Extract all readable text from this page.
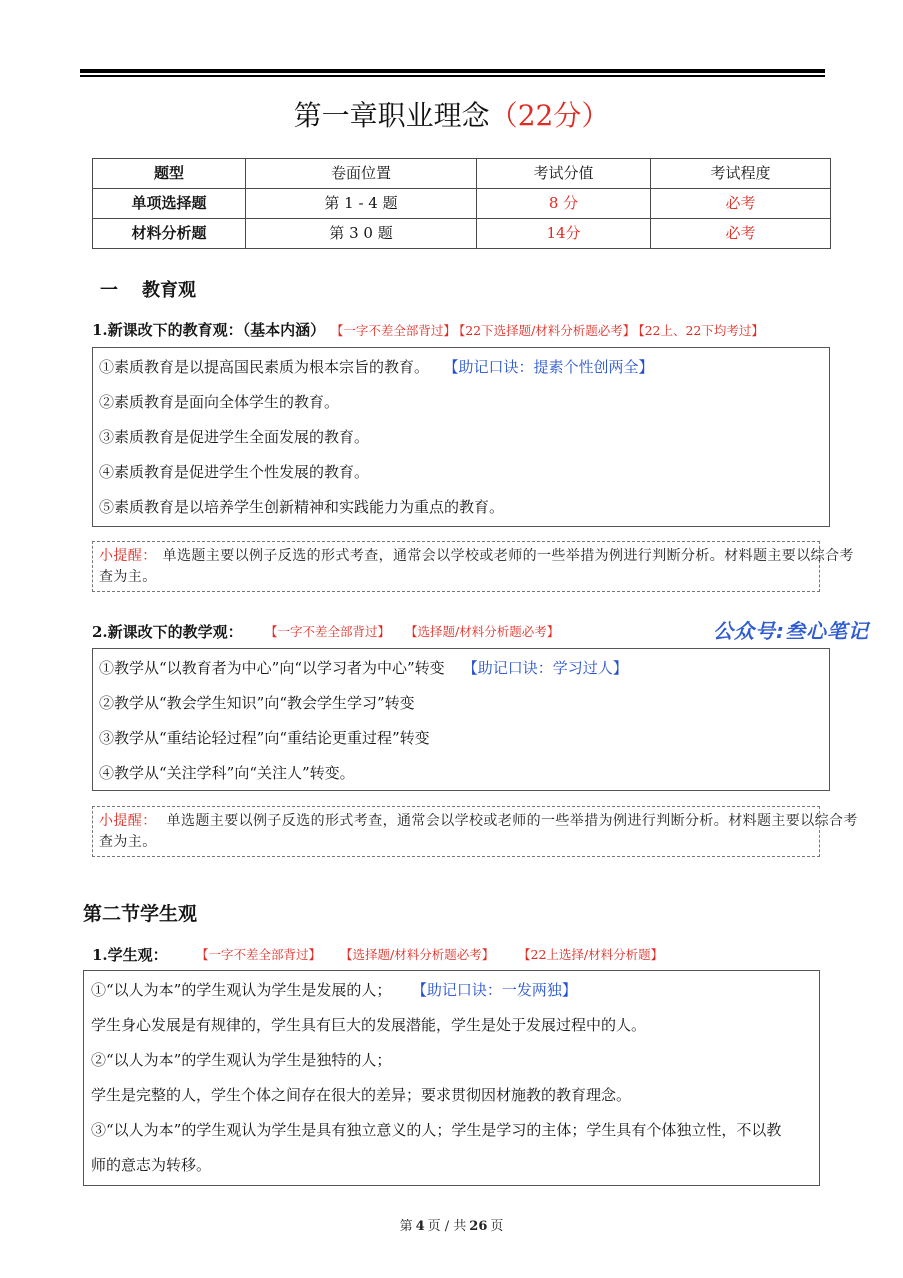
第一章职业理念（22分）
题型	卷面位置	考试分值	考试程度
单项选择题	第 1 - 4 题	8 分	必考
材料分析题	第 3 0 题	14分	必考
一 教育观
1.新课改下的教育观：（基本内涵） 【一字不差全部背过】 【22下选择题/材料分析题必考】 【22上、22下均考过】
①素质教育是以提高国民素质为根本宗旨的教育。 【助记口诀：提素个性创两全】
②素质教育是面向全体学生的教育。
③素质教育是促进学生全面发展的教育。
④素质教育是促进学生个性发展的教育。
⑤素质教育是以培养学生创新精神和实践能力为重点的教育。
小提醒： 单选题主要以例子反选的形式考查，通常会以学校或老师的一些举措为例进行判断分析。材料题主要以综合考
查为主。
2.新课改下的教学观： 【一字不差全部背过】 【选择题/材料分析题必考】	公众号:叁心笔记
①教学从“以教育者为中心”向“以学习者为中心”转变 【助记口诀：学习过人】
②教学从“教会学生知识”向“教会学生学习”转变
③教学从“重结论轻过程”向“重结论更重过程”转变
④教学从“关注学科”向“关注人”转变。
小提醒： 单选题主要以例子反选的形式考查，通常会以学校或老师的一些举措为例进行判断分析。材料题主要以综合考
查为主。
第二节学生观
1.学生观： 【一字不差全部背过】 【选择题/材料分析题必考】 【22上选择/材料分析题】
①“以人为本”的学生观认为学生是发展的人； 【助记口诀：一发两独】
学生身心发展是有规律的，学生具有巨大的发展潜能，学生是处于发展过程中的人。
②“以人为本”的学生观认为学生是独特的人；
学生是完整的人，学生个体之间存在很大的差异；要求贯彻因材施教的教育理念。
③“以人为本”的学生观认为学生是具有独立意义的人；学生是学习的主体；学生具有个体独立性，不以教
师的意志为转移。
第 4 页 / 共 26 页
